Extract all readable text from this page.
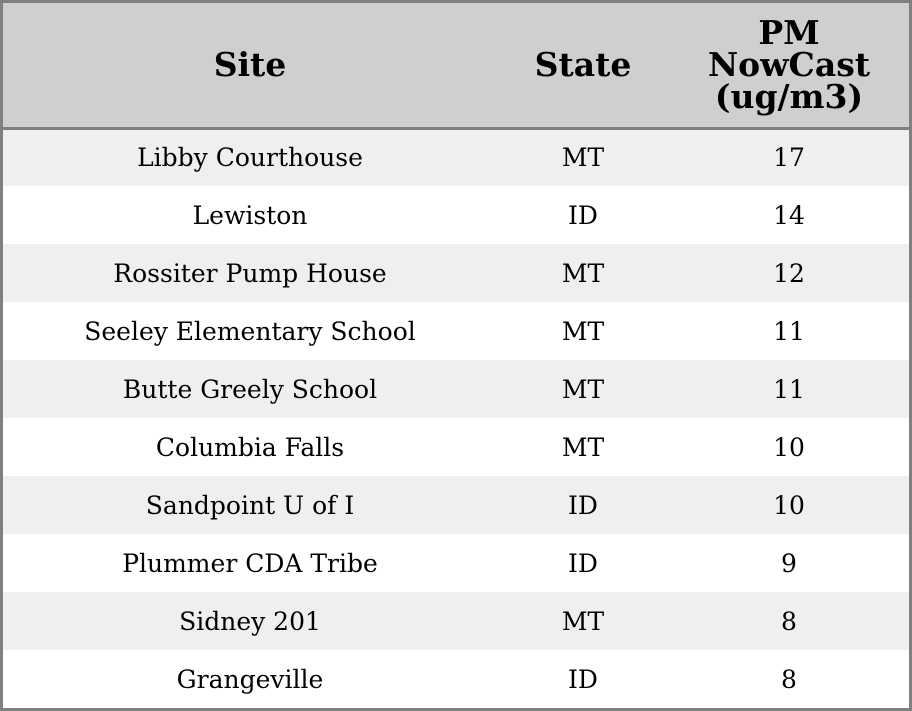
Site	State	PM
NowCast
(ug/m3)

Libby Courthouse	MT	17
Lewiston	ID	14
Rossiter Pump House	MT	12
Seeley Elementary School	MT	11
Butte Greely School	MT	11
Columbia Falls	MT	10
Sandpoint U of I	ID	10
Plummer CDA Tribe	ID	9
Sidney 201	MT	8
Grangeville	ID	8
